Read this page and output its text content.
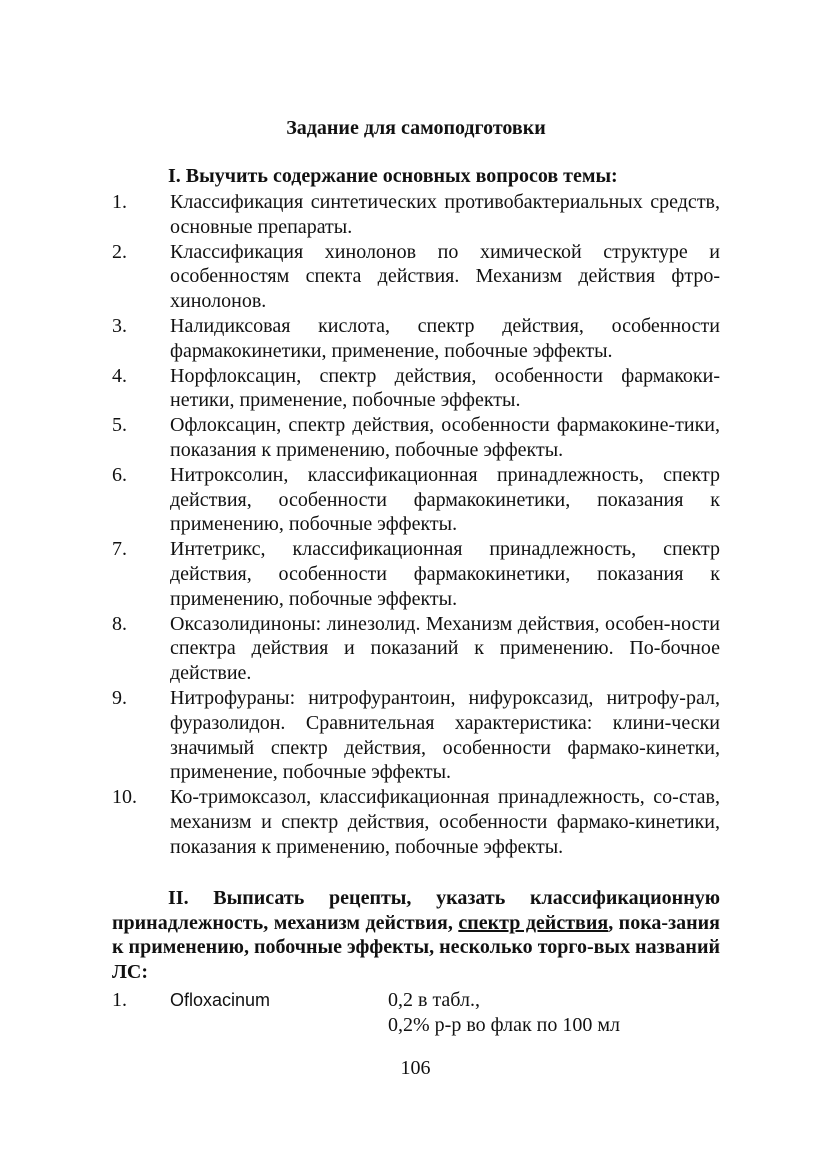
Задание для самоподготовки
I. Выучить содержание основных вопросов темы:
1.	Классификация синтетических противобактериальных средств, основные препараты.
2.	Классификация хинолонов по химической структуре и особенностям спекта действия. Механизм действия фтро-хинолонов.
3.	Налидиксовая кислота, спектр действия, особенности фармакокинетики, применение, побочные эффекты.
4.	Норфлоксацин, спектр действия, особенности фармакоки-нетики, применение, побочные эффекты.
5.	Офлоксацин, спектр действия, особенности фармакокине-тики, показания к применению, побочные эффекты.
6.	Нитроксолин, классификационная принадлежность, спектр действия, особенности фармакокинетики, показания к применению, побочные эффекты.
7.	Интетрикс, классификационная принадлежность, спектр действия, особенности фармакокинетики, показания к применению, побочные эффекты.
8.	Оксазолидиноны: линезолид. Механизм действия, особен-ности спектра действия и показаний к применению. По-бочное действие.
9.	Нитрофураны: нитрофурантоин, нифуроксазид, нитрофу-рал, фуразолидон. Сравнительная характеристика: клини-чески значимый спектр действия, особенности фармако-кинетки, применение, побочные эффекты.
10.	Ко-тримоксазол, классификационная принадлежность, со-став, механизм и спектр действия, особенности фармако-кинетики, показания к применению, побочные эффекты.

II. Выписать рецепты, указать классификационную принадлежность, механизм действия, спектр действия, пока-зания к применению, побочные эффекты, несколько торго-вых названий ЛС:

1.	Ofloxacinum	0,2 в табл.,
0,2% р-р во флак по 100 мл
106
